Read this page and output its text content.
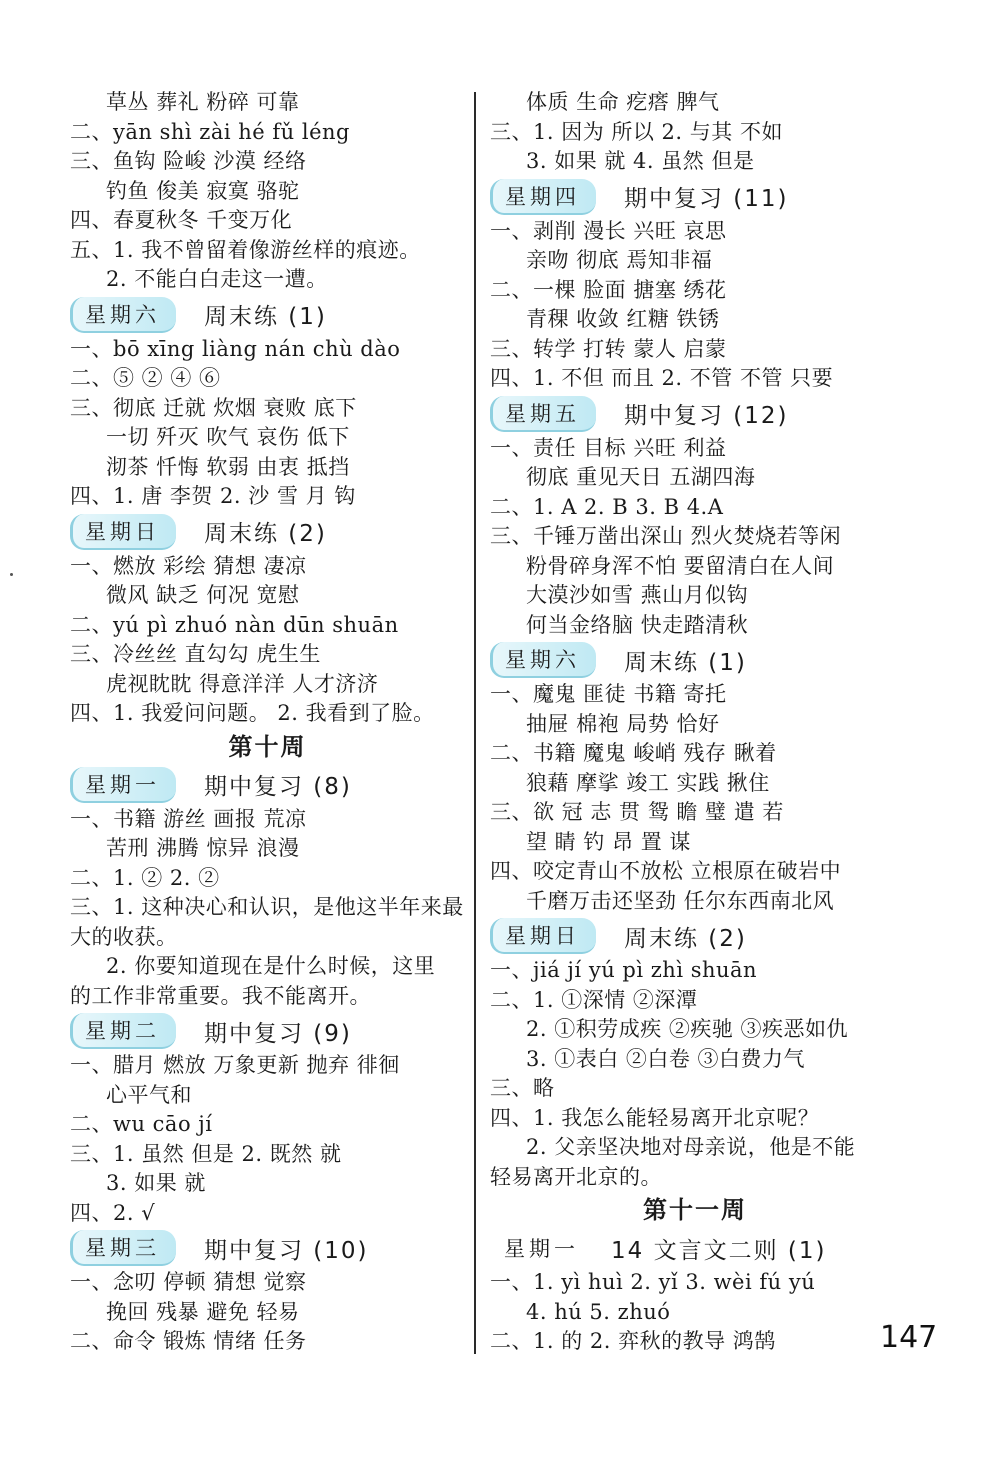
草丛 葬礼 粉碎 可靠
二、yān shì zài hé fǔ léng
三、鱼钩 险峻 沙漠 经络
钓鱼 俊美 寂寞 骆驼
四、春夏秋冬 千变万化
五、1. 我不曾留着像游丝样的痕迹。
2. 不能白白走这一遭。
星期六	周末练 (1)
一、bō xīng liàng nán chù dào
二、⑤ ② ④ ⑥
三、彻底 迁就 炊烟 衰败 底下
一切 歼灭 吹气 哀伤 低下
沏茶 忏悔 软弱 由衷 抵挡
四、1. 唐 李贺 2. 沙 雪 月 钩
星期日	周末练 (2)
一、燃放 彩绘 猜想 凄凉
微风 缺乏 何况 宽慰
二、yú pì zhuó nàn dūn shuān
三、冷丝丝 直勾勾 虎生生
虎视眈眈 得意洋洋 人才济济
四、1. 我爱问问题。 2. 我看到了脸。
第十周
星期一	期中复习 (8)
一、书籍 游丝 画报 荒凉
苦刑 沸腾 惊异 浪漫
二、1. ② 2. ②
三、1. 这种决心和认识，是他这半年来最
大的收获。
2. 你要知道现在是什么时候，这里
的工作非常重要。我不能离开。
星期二	期中复习 (9)
一、腊月 燃放 万象更新 抛弃 徘徊
心平气和
二、wu cāo jí
三、1. 虽然 但是 2. 既然 就
3. 如果 就
四、2. √
星期三	期中复习 (10)
一、念叨 停顿 猜想 觉察
挽回 残暴 避免 轻易
二、命令 锻炼 情绪 任务
体质 生命 疙瘩 脾气
三、1. 因为 所以 2. 与其 不如
3. 如果 就 4. 虽然 但是
星期四	期中复习 (11)
一、剥削 漫长 兴旺 哀思
亲吻 彻底 焉知非福
二、一棵 脸面 搪塞 绣花
青稞 收敛 红糖 铁锈
三、转学 打转 蒙人 启蒙
四、1. 不但 而且 2. 不管 不管 只要
星期五	期中复习 (12)
一、责任 目标 兴旺 利益
彻底 重见天日 五湖四海
二、1. A 2. B 3. B 4.A
三、千锤万凿出深山 烈火焚烧若等闲
粉骨碎身浑不怕 要留清白在人间
大漠沙如雪 燕山月似钩
何当金络脑 快走踏清秋
星期六	周末练 (1)
一、魔鬼 匪徒 书籍 寄托
抽屉 棉袍 局势 恰好
二、书籍 魔鬼 峻峭 残存 瞅着
狼藉 摩挲 竣工 实践 揪住
三、欲 冠 志 贯 鸳 瞻 璧 遣 若
望 睛 钓 昂 置 谋
四、咬定青山不放松 立根原在破岩中
千磨万击还坚劲 任尔东西南北风
星期日	周末练 (2)
一、jiá jí yú pì zhì shuān
二、1. ①深情 ②深潭
2. ①积劳成疾 ②疾驰 ③疾恶如仇
3. ①表白 ②白卷 ③白费力气
三、略
四、1. 我怎么能轻易离开北京呢？
2. 父亲坚决地对母亲说，他是不能
轻易离开北京的。
第十一周
星期一	14 文言文二则 (1)
一、1. yì huì 2. yǐ 3. wèi fú yú
4. hú 5. zhuó
二、1. 的 2. 弈秋的教导 鸿鹄	147
